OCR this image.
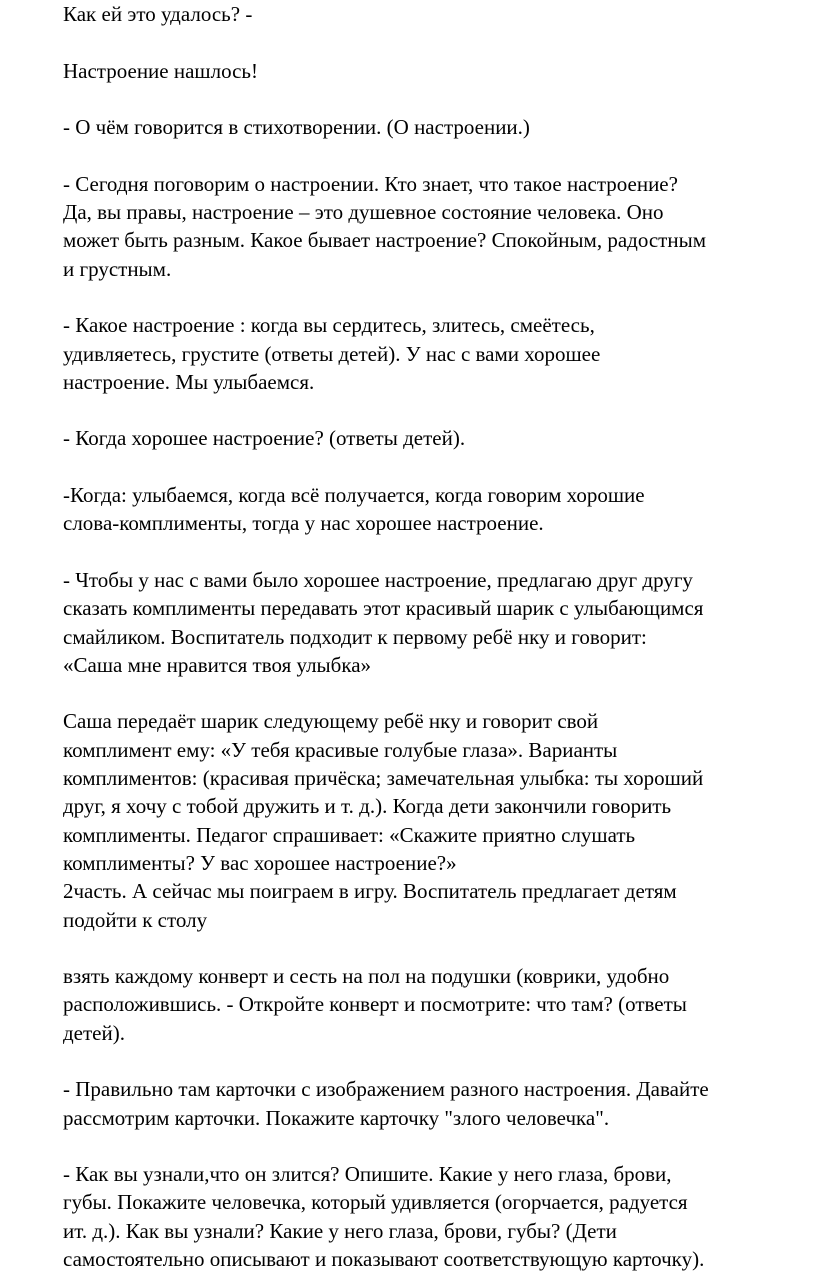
Как ей это удалось? -
Настроение нашлось!
- О чём говорится в стихотворении. (О настроении.)
- Сегодня поговорим о настроении. Кто знает, что такое настроение?
Да, вы правы, настроение – это душевное состояние человека. Оно
может быть разным. Какое бывает настроение? Спокойным, радостным
и грустным.
- Какое настроение : когда вы сердитесь, злитесь, смеётесь,
удивляетесь, грустите (ответы детей). У нас с вами хорошее
настроение. Мы улыбаемся.
- Когда хорошее настроение? (ответы детей).
-Когда: улыбаемся, когда всё получается, когда говорим хорошие
слова-комплименты, тогда у нас хорошее настроение.
- Чтобы у нас с вами было хорошее настроение, предлагаю друг другу
сказать комплименты передавать этот красивый шарик с улыбающимся
смайликом. Воспитатель подходит к первому ребё нку и говорит:
«Саша мне нравится твоя улыбка»
Саша передаёт шарик следующему ребё нку и говорит свой
комплимент ему: «У тебя красивые голубые глаза». Варианты
комплиментов: (красивая причёска; замечательная улыбка: ты хороший
друг, я хочу с тобой дружить и т. д.). Когда дети закончили говорить
комплименты. Педагог спрашивает: «Скажите приятно слушать
комплименты? У вас хорошее настроение?»
2часть. А сейчас мы поиграем в игру. Воспитатель предлагает детям
подойти к столу
взять каждому конверт и сесть на пол на подушки (коврики, удобно
расположившись. - Откройте конверт и посмотрите: что там? (ответы
детей).
- Правильно там карточки с изображением разного настроения. Давайте
рассмотрим карточки. Покажите карточку "злого человечка".
- Как вы узнали,что он злится? Опишите. Какие у него глаза, брови,
губы. Покажите человечка, который удивляется (огорчается, радуется
ит. д.). Как вы узнали? Какие у него глаза, брови, губы? (Дети
самостоятельно описывают и показывают соответствующую карточку).
